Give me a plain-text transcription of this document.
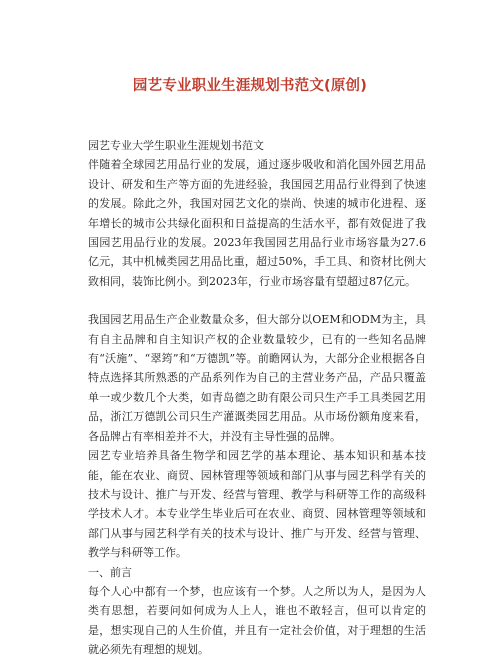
园艺专业职业生涯规划书范文(原创)

园艺专业大学生职业生涯规划书范文

伴随着全球园艺用品行业的发展，通过逐步吸收和消化国外园艺用品设计、研发和生产等方面的先进经验，我国园艺用品行业得到了快速的发展。除此之外，我国对园艺文化的崇尚、快速的城市化进程、逐年增长的城市公共绿化面积和日益提高的生活水平，都有效促进了我国园艺用品行业的发展。2023年我国园艺用品行业市场容量为27.6亿元，其中机械类园艺用品比重，超过50%，手工具、和资材比例大致相同，装饰比例小。到2023年，行业市场容量有望超过87亿元。

我国园艺用品生产企业数量众多，但大部分以OEM和ODM为主，具有自主品牌和自主知识产权的企业数量较少，已有的一些知名品牌有“沃施”、“翠筠”和“万德凯”等。前瞻网认为，大部分企业根据各自特点选择其所熟悉的产品系列作为自己的主营业务产品，产品只覆盖单一或少数几个大类，如青岛德之助有限公司只生产手工具类园艺用品，浙江万德凯公司只生产灌溉类园艺用品。从市场份额角度来看，各品牌占有率相差并不大，并没有主导性强的品牌。

园艺专业培养具备生物学和园艺学的基本理论、基本知识和基本技能，能在农业、商贸、园林管理等领域和部门从事与园艺科学有关的技术与设计、推广与开发、经营与管理、教学与科研等工作的高级科学技术人才。本专业学生毕业后可在农业、商贸、园林管理等领域和部门从事与园艺科学有关的技术与设计、推广与开发、经营与管理、教学与科研等工作。

一、前言

每个人心中都有一个梦，也应该有一个梦。人之所以为人，是因为人类有思想，若要问如何成为人上人，谁也不敢轻言，但可以肯定的是，想实现自己的人生价值，并且有一定社会价值，对于理想的生活就必须先有理想的规划。
